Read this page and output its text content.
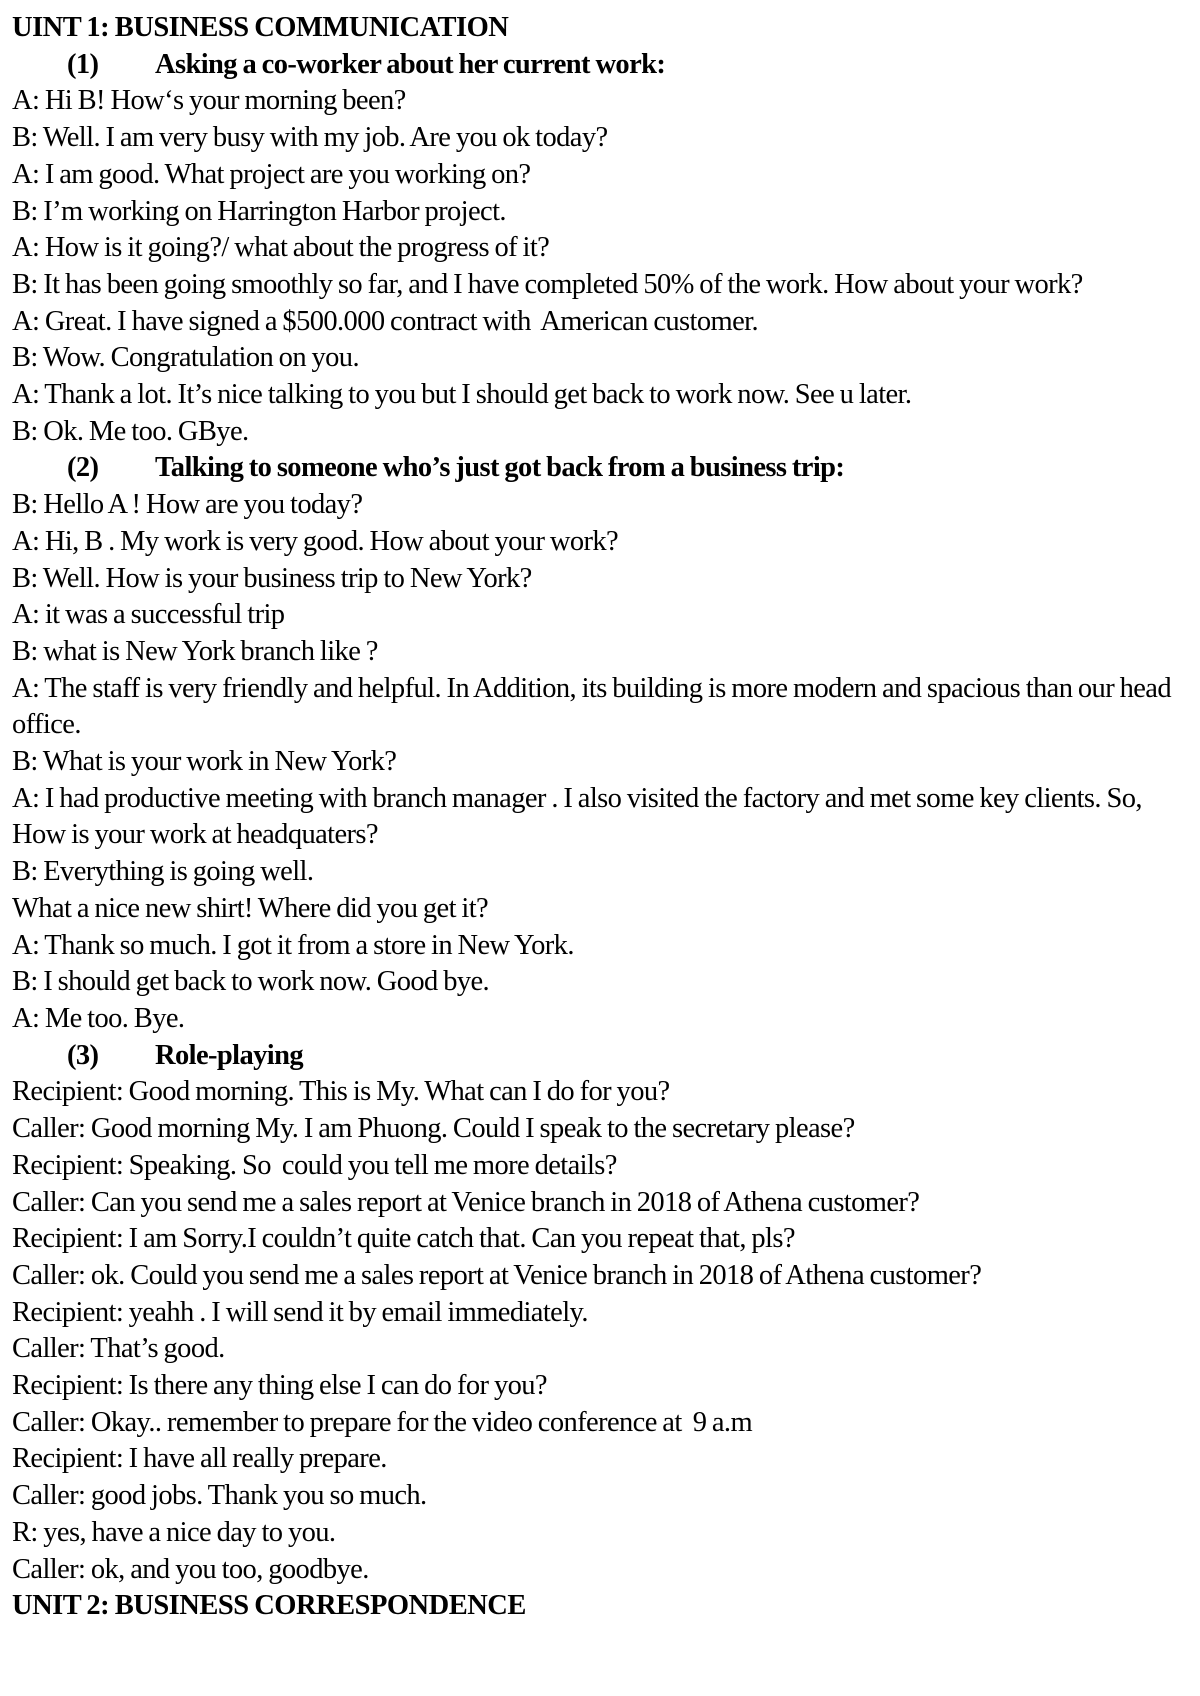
UINT 1: BUSINESS COMMUNICATION
(1)	Asking a co-worker about her current work:
A: Hi B! How‘s your morning been?
B: Well. I am very busy with my job. Are you ok today?
A: I am good. What project are you working on?
B: I’m working on Harrington Harbor project.
A: How is it going?/ what about the progress of it?
B: It has been going smoothly so far, and I have completed 50% of the work. How about your work?
A: Great. I have signed a $500.000 contract with  American customer.
B: Wow. Congratulation on you.
A: Thank a lot. It’s nice talking to you but I should get back to work now. See u later.
B: Ok. Me too. GBye.
(2)	Talking to someone who’s just got back from a business trip:
B: Hello A ! How are you today?
A: Hi, B . My work is very good. How about your work?
B: Well. How is your business trip to New York?
A: it was a successful trip
B: what is New York branch like ?
A: The staff is very friendly and helpful. In Addition, its building is more modern and spacious than our head office.
B: What is your work in New York?
A: I had productive meeting with branch manager . I also visited the factory and met some key clients. So, How is your work at headquaters?
B: Everything is going well.
What a nice new shirt! Where did you get it?
A: Thank so much. I got it from a store in New York.
B: I should get back to work now. Good bye.
A: Me too. Bye.
(3)	Role-playing
Recipient: Good morning. This is My. What can I do for you?
Caller: Good morning My. I am Phuong. Could I speak to the secretary please?
Recipient: Speaking. So  could you tell me more details?
Caller: Can you send me a sales report at Venice branch in 2018 of Athena customer?
Recipient: I am Sorry.I couldn’t quite catch that. Can you repeat that, pls?
Caller: ok. Could you send me a sales report at Venice branch in 2018 of Athena customer?
Recipient: yeahh . I will send it by email immediately.
Caller: That’s good.
Recipient: Is there any thing else I can do for you?
Caller: Okay.. remember to prepare for the video conference at  9 a.m
Recipient: I have all really prepare.
Caller: good jobs. Thank you so much.
R: yes, have a nice day to you.
Caller: ok, and you too, goodbye.
UNIT 2: BUSINESS CORRESPONDENCE
